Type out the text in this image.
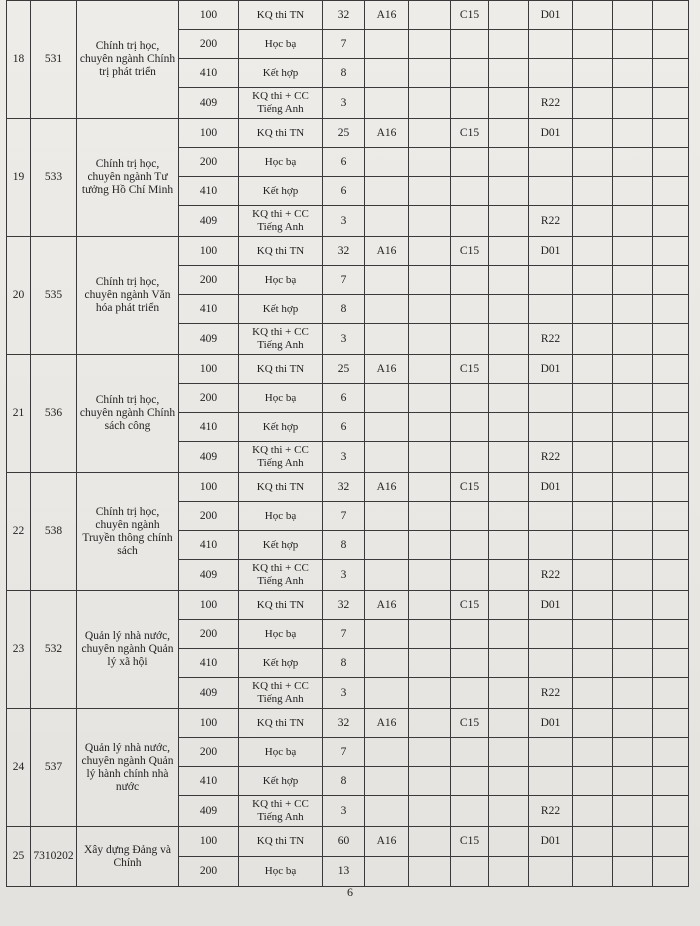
18	531	Chính trị học, chuyên ngành Chính trị phát triển	100	KQ thi TN	32	A16		C15		D01			
			200	Học bạ	7								
			410	Kết hợp	8								
			409	KQ thi + CC Tiếng Anh	3					R22			
19	533	Chính trị học, chuyên ngành Tư tưởng Hồ Chí Minh	100	KQ thi TN	25	A16		C15		D01			
			200	Học bạ	6								
			410	Kết hợp	6								
			409	KQ thi + CC Tiếng Anh	3					R22			
20	535	Chính trị học, chuyên ngành Văn hóa phát triển	100	KQ thi TN	32	A16		C15		D01			
			200	Học bạ	7								
			410	Kết hợp	8								
			409	KQ thi + CC Tiếng Anh	3					R22			
21	536	Chính trị học, chuyên ngành Chính sách công	100	KQ thi TN	25	A16		C15		D01			
			200	Học bạ	6								
			410	Kết hợp	6								
			409	KQ thi + CC Tiếng Anh	3					R22			
22	538	Chính trị học, chuyên ngành Truyền thông chính sách	100	KQ thi TN	32	A16		C15		D01			
			200	Học bạ	7								
			410	Kết hợp	8								
			409	KQ thi + CC Tiếng Anh	3					R22			
23	532	Quản lý nhà nước, chuyên ngành Quản lý xã hội	100	KQ thi TN	32	A16		C15		D01			
			200	Học bạ	7								
			410	Kết hợp	8								
			409	KQ thi + CC Tiếng Anh	3					R22			
24	537	Quản lý nhà nước, chuyên ngành Quản lý hành chính nhà nước	100	KQ thi TN	32	A16		C15		D01			
			200	Học bạ	7								
			410	Kết hợp	8								
			409	KQ thi + CC Tiếng Anh	3					R22			
25	7310202	Xây dựng Đảng và Chính	100	KQ thi TN	60	A16		C15		D01			
			200	Học bạ	13								
6
